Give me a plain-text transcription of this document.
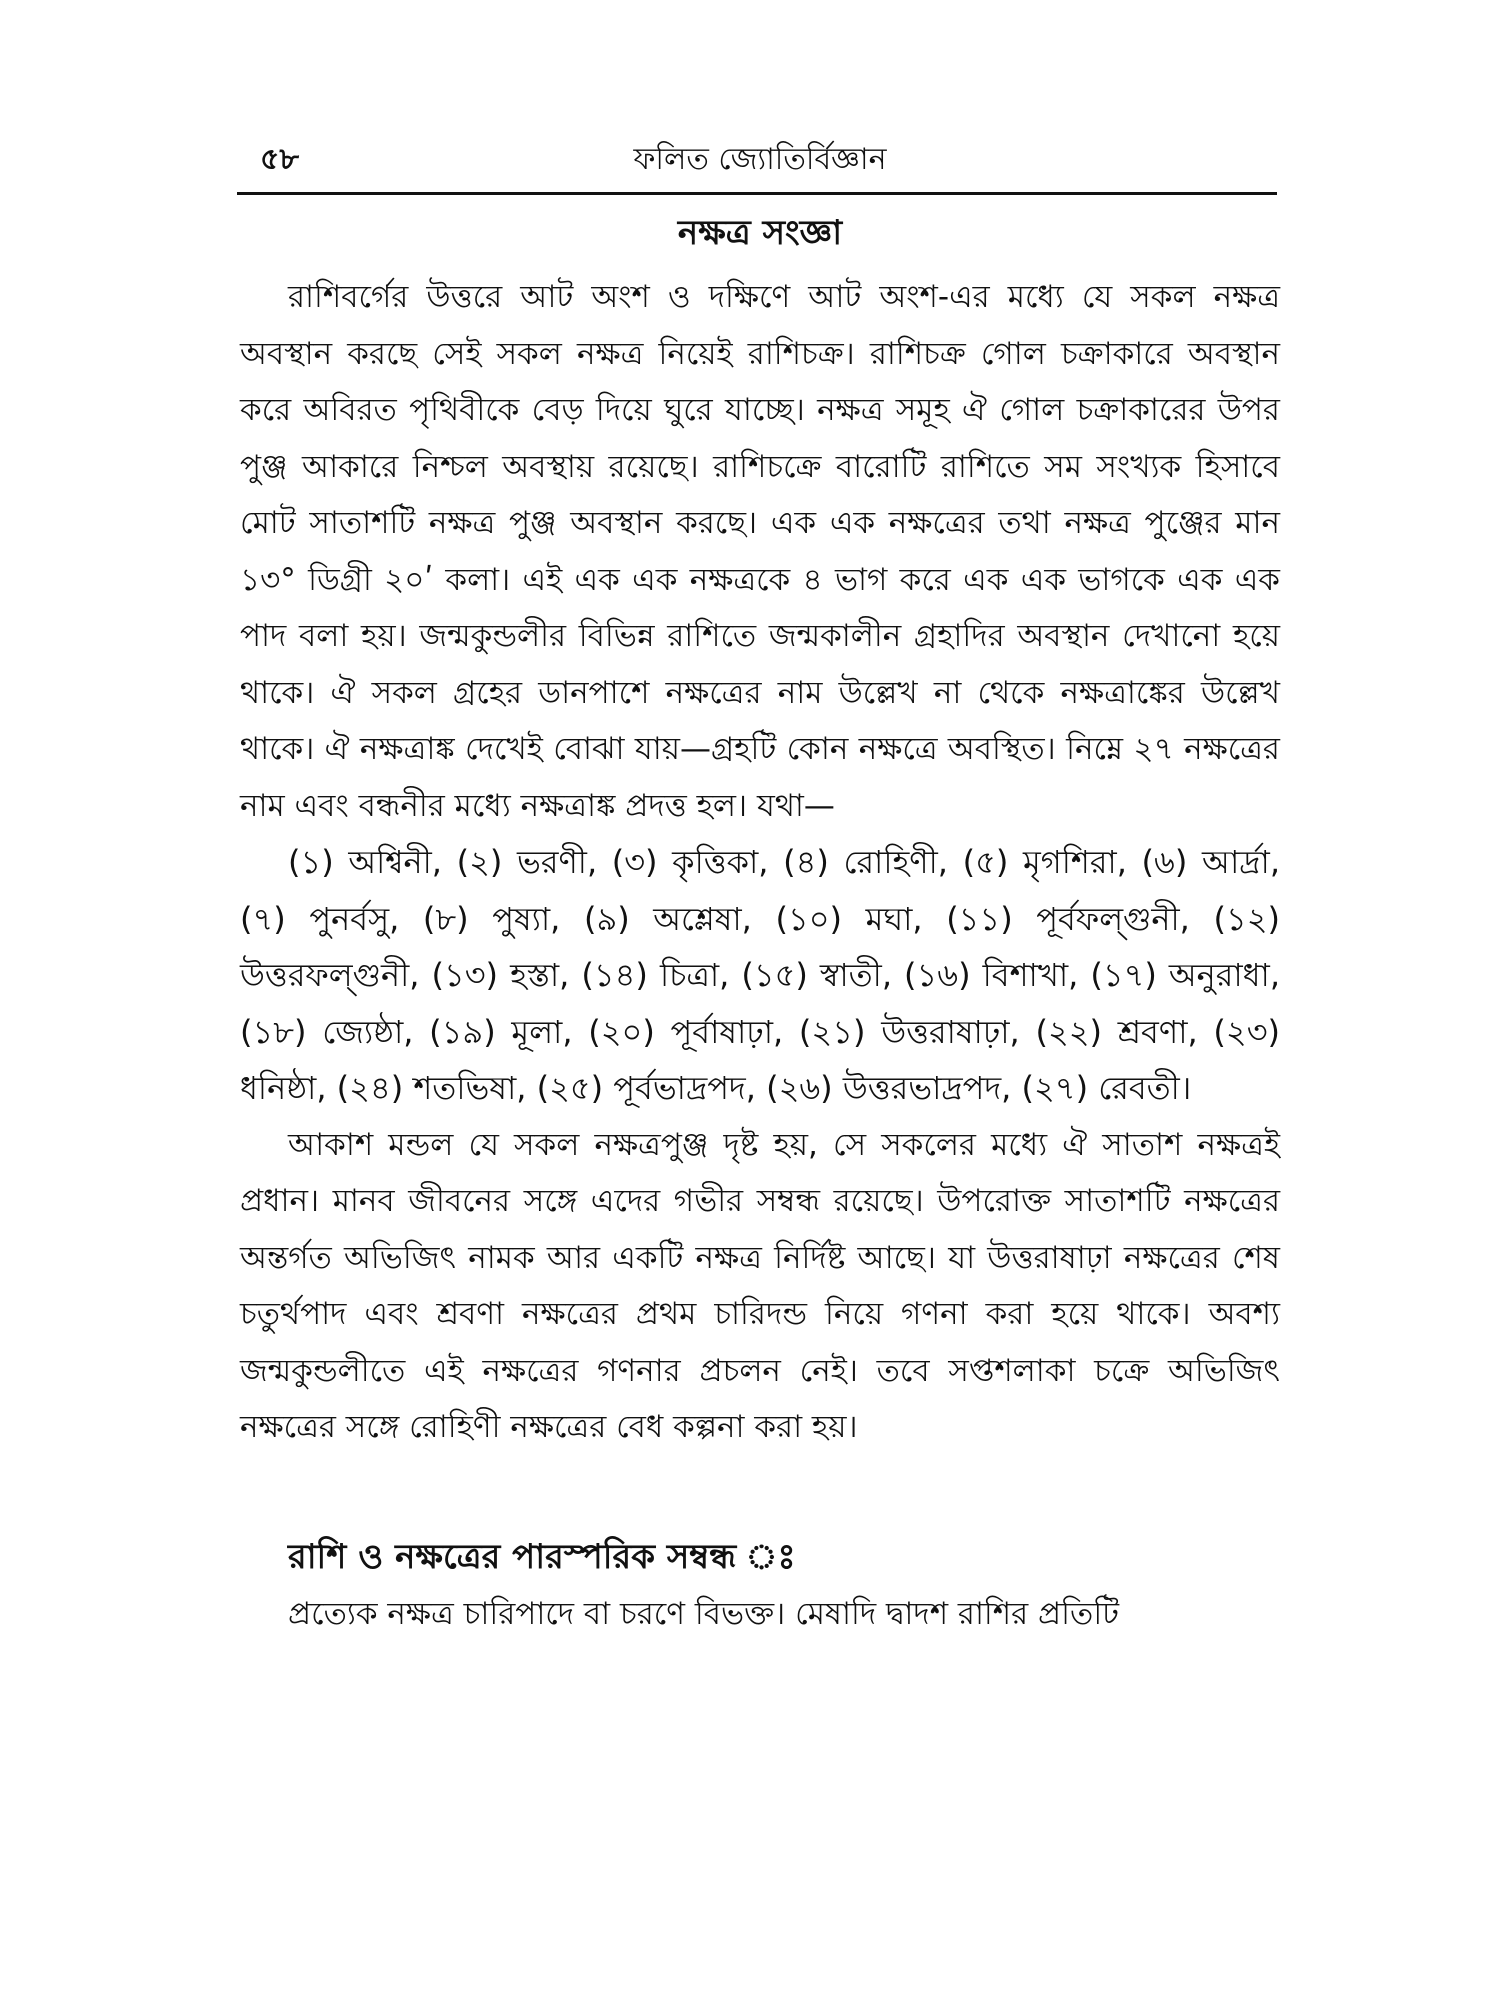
৫৮	ফলিত জ্যোতির্বিজ্ঞান
নক্ষত্র সংজ্ঞা

রাশিবর্গের উত্তরে আট অংশ ও দক্ষিণে আট অংশ-এর মধ্যে যে সকল নক্ষত্র অবস্থান করছে সেই সকল নক্ষত্র নিয়েই রাশিচক্র। রাশিচক্র গোল চক্রাকারে অবস্থান করে অবিরত পৃথিবীকে বেড় দিয়ে ঘুরে যাচ্ছে। নক্ষত্র সমূহ ঐ গোল চক্রাকারের উপর পুঞ্জ আকারে নিশ্চল অবস্থায় রয়েছে। রাশিচক্রে বারোটি রাশিতে সম সংখ্যক হিসাবে মোট সাতাশটি নক্ষত্র পুঞ্জ অবস্থান করছে। এক এক নক্ষত্রের তথা নক্ষত্র পুঞ্জের মান ১৩° ডিগ্রী ২০ʹ কলা। এই এক এক নক্ষত্রকে ৪ ভাগ করে এক এক ভাগকে এক এক পাদ বলা হয়। জন্মকুন্ডলীর বিভিন্ন রাশিতে জন্মকালীন গ্রহাদির অবস্থান দেখানো হয়ে থাকে। ঐ সকল গ্রহের ডানপাশে নক্ষত্রের নাম উল্লেখ না থেকে নক্ষত্রাঙ্কের উল্লেখ থাকে। ঐ নক্ষত্রাঙ্ক দেখেই বোঝা যায়—গ্রহটি কোন নক্ষত্রে অবস্থিত। নিম্নে ২৭ নক্ষত্রের নাম এবং বন্ধনীর মধ্যে নক্ষত্রাঙ্ক প্রদত্ত হল। যথা—

(১) অশ্বিনী, (২) ভরণী, (৩) কৃত্তিকা, (৪) রোহিণী, (৫) মৃগশিরা, (৬) আর্দ্রা, (৭) পুনর্বসু, (৮) পুষ্যা, (৯) অশ্লেষা, (১০) মঘা, (১১) পূর্বফল্গুনী, (১২) উত্তরফল্গুনী, (১৩) হস্তা, (১৪) চিত্রা, (১৫) স্বাতী, (১৬) বিশাখা, (১৭) অনুরাধা, (১৮) জ্যেষ্ঠা, (১৯) মূলা, (২০) পূর্বাষাঢ়া, (২১) উত্তরাষাঢ়া, (২২) শ্রবণা, (২৩) ধনিষ্ঠা, (২৪) শতভিষা, (২৫) পূর্বভাদ্রপদ, (২৬) উত্তরভাদ্রপদ, (২৭) রেবতী।

আকাশ মন্ডল যে সকল নক্ষত্রপুঞ্জ দৃষ্ট হয়, সে সকলের মধ্যে ঐ সাতাশ নক্ষত্রই প্রধান। মানব জীবনের সঙ্গে এদের গভীর সম্বন্ধ রয়েছে। উপরোক্ত সাতাশটি নক্ষত্রের অন্তর্গত অভিজিৎ নামক আর একটি নক্ষত্র নির্দিষ্ট আছে। যা উত্তরাষাঢ়া নক্ষত্রের শেষ চতুর্থপাদ এবং শ্রবণা নক্ষত্রের প্রথম চারিদন্ড নিয়ে গণনা করা হয়ে থাকে। অবশ্য জন্মকুন্ডলীতে এই নক্ষত্রের গণনার প্রচলন নেই। তবে সপ্তশলাকা চক্রে অভিজিৎ নক্ষত্রের সঙ্গে রোহিণী নক্ষত্রের বেধ কল্পনা করা হয়।

রাশি ও নক্ষত্রের পারস্পরিক সম্বন্ধ ঃ

প্রত্যেক নক্ষত্র চারিপাদে বা চরণে বিভক্ত। মেষাদি দ্বাদশ রাশির প্রতিটি
